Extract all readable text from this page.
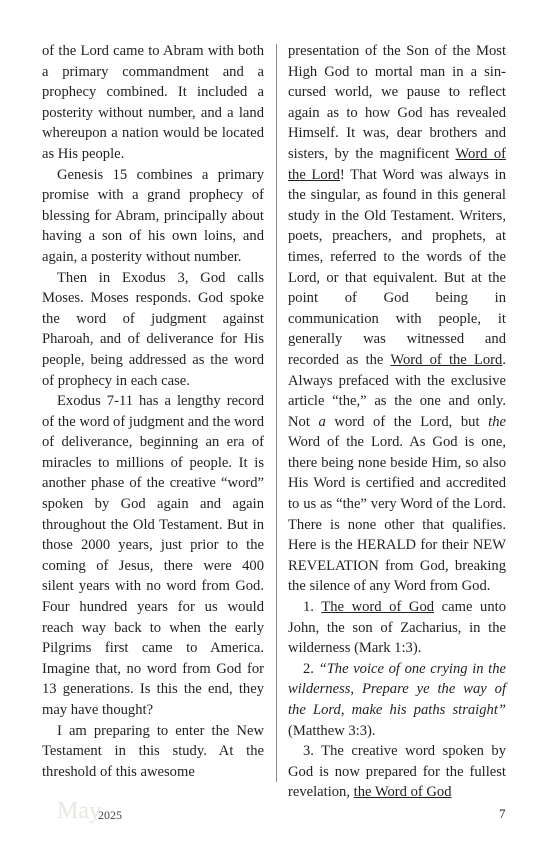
of the Lord came to Abram with both a primary commandment and a prophecy combined. It included a posterity without number, and a land whereupon a nation would be located as His people.

Genesis 15 combines a primary promise with a grand prophecy of blessing for Abram, principally about having a son of his own loins, and again, a posterity without number.

Then in Exodus 3, God calls Moses. Moses responds. God spoke the word of judgment against Pharoah, and of deliverance for His people, being addressed as the word of prophecy in each case.

Exodus 7-11 has a lengthy record of the word of judgment and the word of deliverance, beginning an era of miracles to millions of people. It is another phase of the creative “word” spoken by God again and again throughout the Old Testament. But in those 2000 years, just prior to the coming of Jesus, there were 400 silent years with no word from God. Four hundred years for us would reach way back to when the early Pilgrims first came to America. Imagine that, no word from God for 13 generations. Is this the end, they may have thought?

I am preparing to enter the New Testament in this study. At the threshold of this awesome

presentation of the Son of the Most High God to mortal man in a sin-cursed world, we pause to reflect again as to how God has revealed Himself. It was, dear brothers and sisters, by the magnificent Word of the Lord! That Word was always in the singular, as found in this general study in the Old Testament. Writers, poets, preachers, and prophets, at times, referred to the words of the Lord, or that equivalent. But at the point of God being in communication with people, it generally was witnessed and recorded as the Word of the Lord. Always prefaced with the exclusive article “the,” as the one and only. Not a word of the Lord, but the Word of the Lord. As God is one, there being none beside Him, so also His Word is certified and accredited to us as “the” very Word of the Lord. There is none other that qualifies. Here is the HERALD for their NEW REVELATION from God, breaking the silence of any Word from God.

1. The word of God came unto John, the son of Zacharius, in the wilderness (Mark 1:3).

2. “The voice of one crying in the wilderness, Prepare ye the way of the Lord, make his paths straight” (Matthew 3:3).

3. The creative word spoken by God is now prepared for the fullest revelation, the Word of God

May
2025	7
